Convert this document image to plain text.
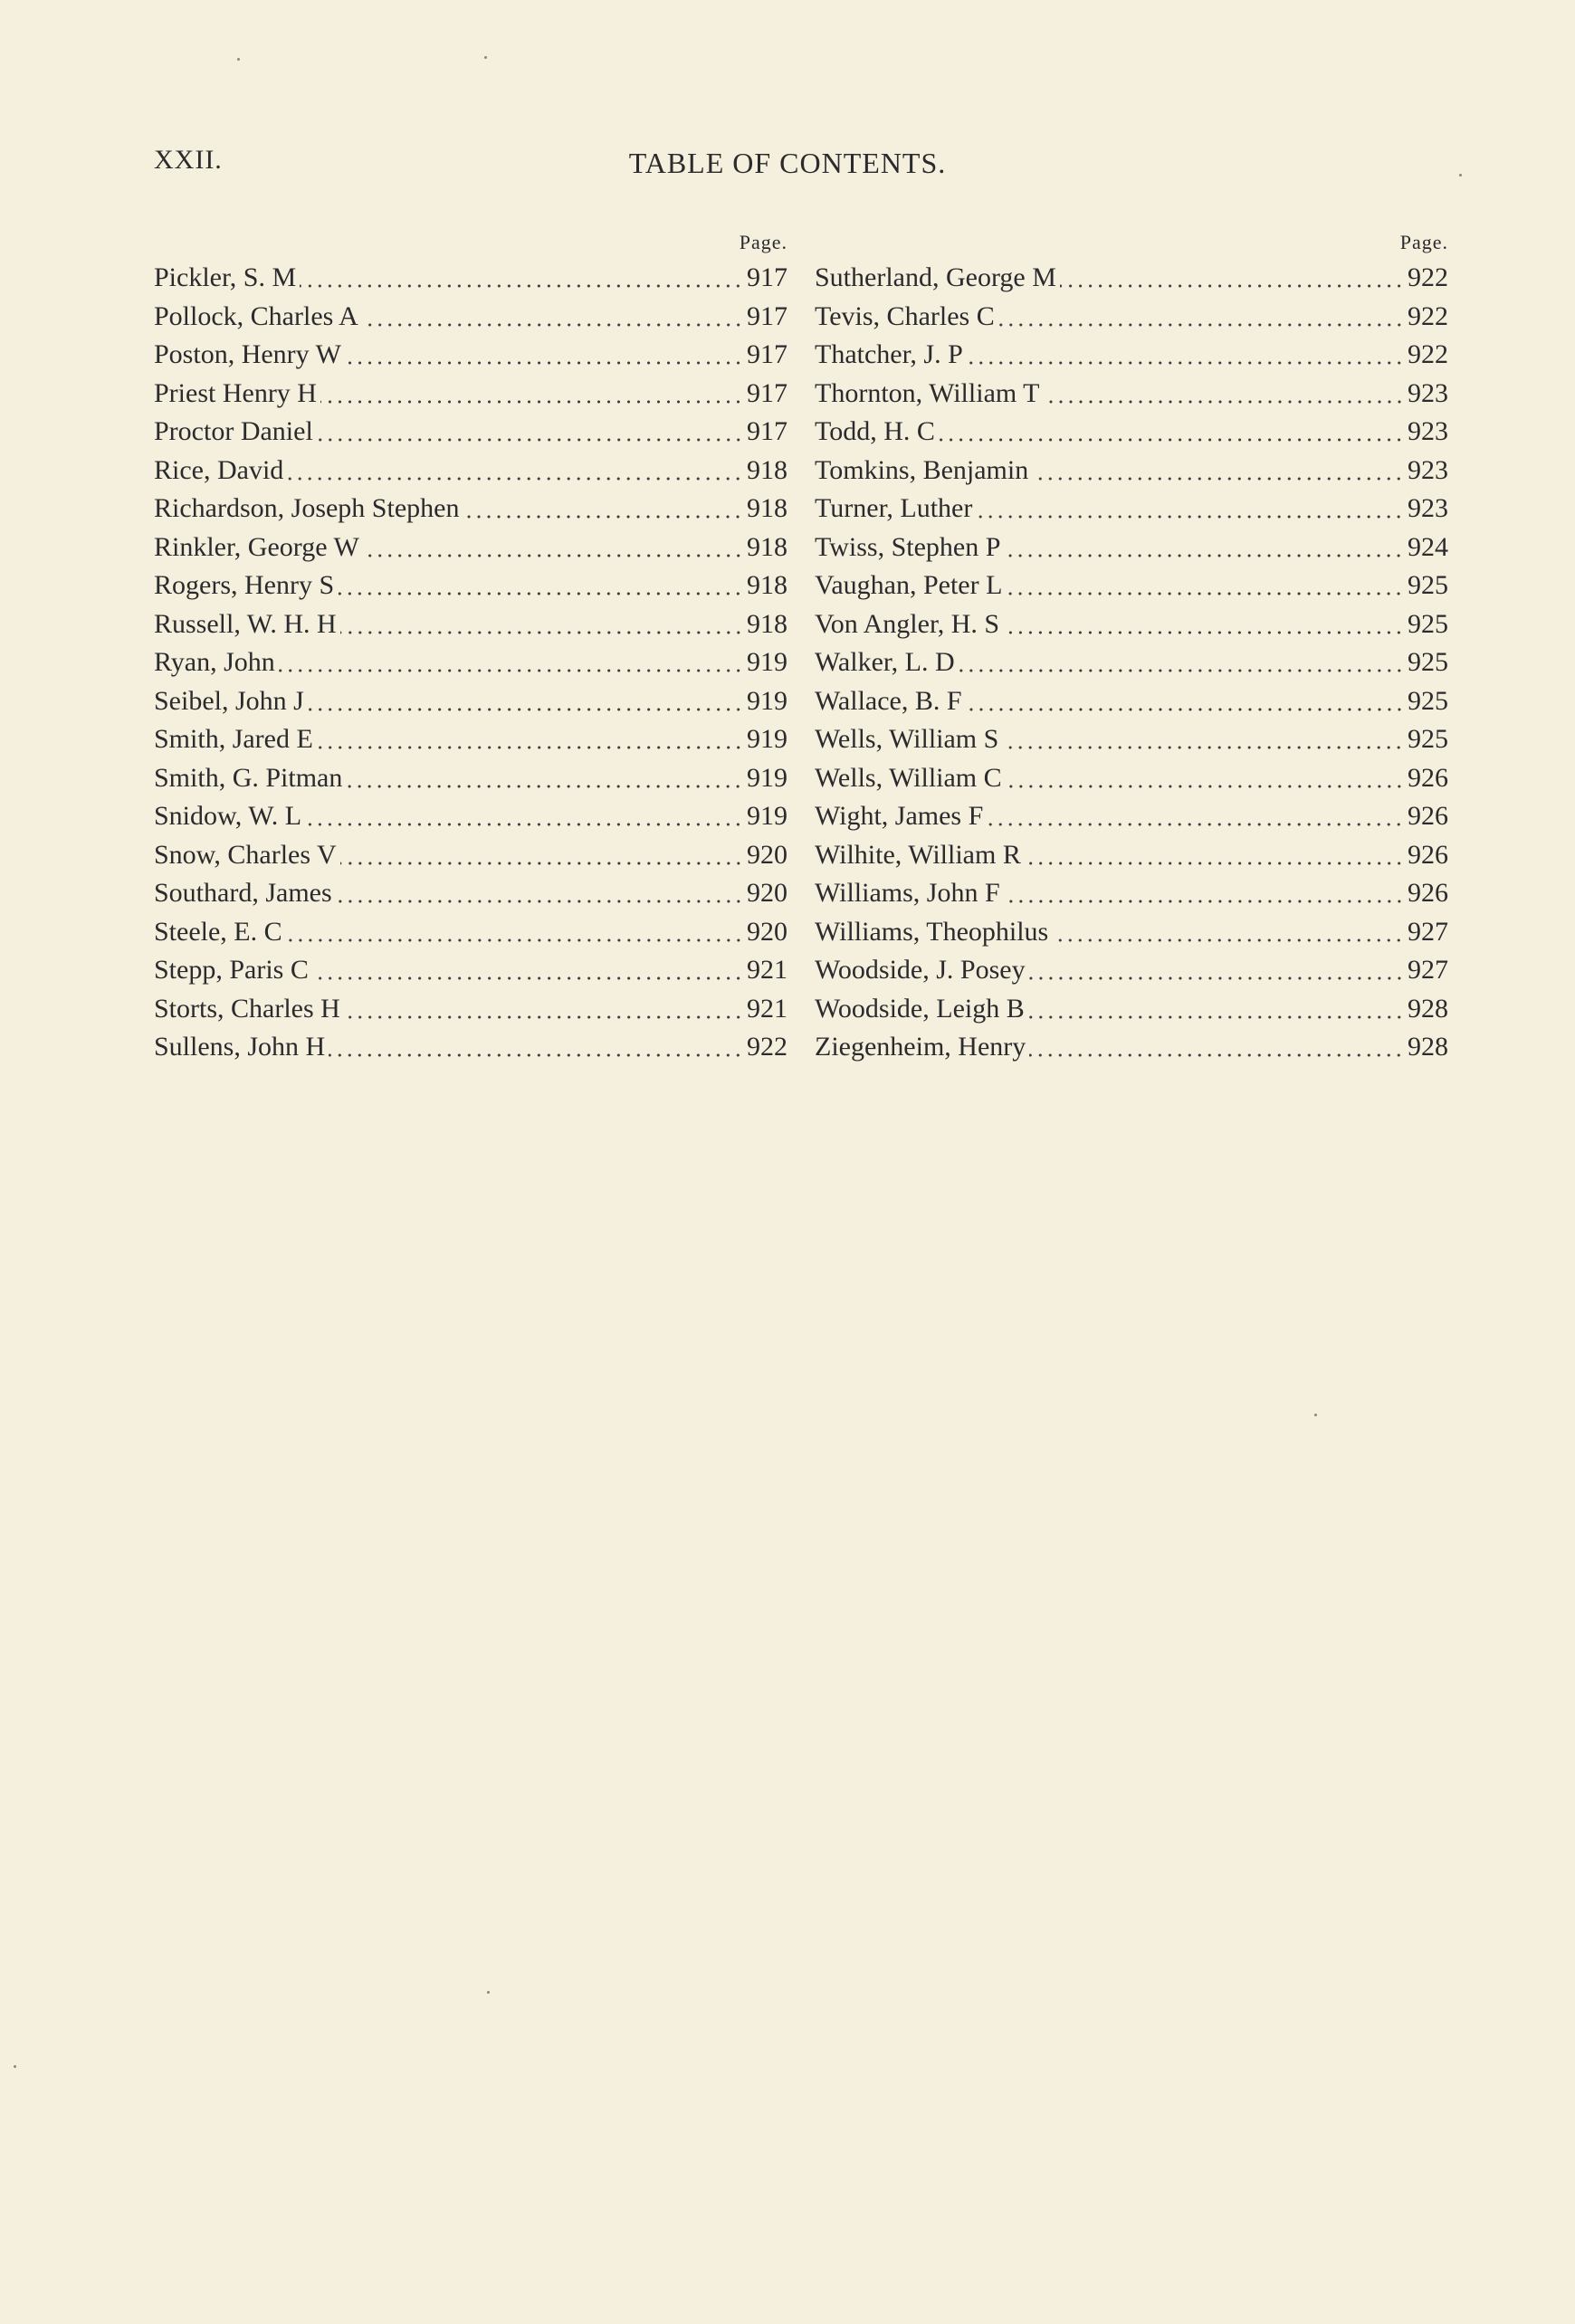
XXII.	TABLE OF CONTENTS.
Page.
Pickler, S. M	917
Pollock, Charles A	917
Poston, Henry W	917
Priest Henry H	917
Proctor Daniel	917
Rice, David	918
Richardson, Joseph Stephen	918
Rinkler, George W	918
Rogers, Henry S	918
Russell, W. H. H	918
Ryan, John	919
Seibel, John J	919
Smith, Jared E	919
Smith, G. Pitman	919
Snidow, W. L	919
Snow, Charles V	920
Southard, James	920
Steele, E. C	920
Stepp, Paris C	921
Storts, Charles H	921
Sullens, John H	922
Page.
Sutherland, George M	922
Tevis, Charles C	922
Thatcher, J. P	922
Thornton, William T	923
Todd, H. C	923
Tomkins, Benjamin	923
Turner, Luther	923
Twiss, Stephen P	924
Vaughan, Peter L	925
Von Angler, H. S	925
Walker, L. D	925
Wallace, B. F	925
Wells, William S	925
Wells, William C	926
Wight, James F	926
Wilhite, William R	926
Williams, John F	926
Williams, Theophilus	927
Woodside, J. Posey	927
Woodside, Leigh B	928
Ziegenheim, Henry	928
